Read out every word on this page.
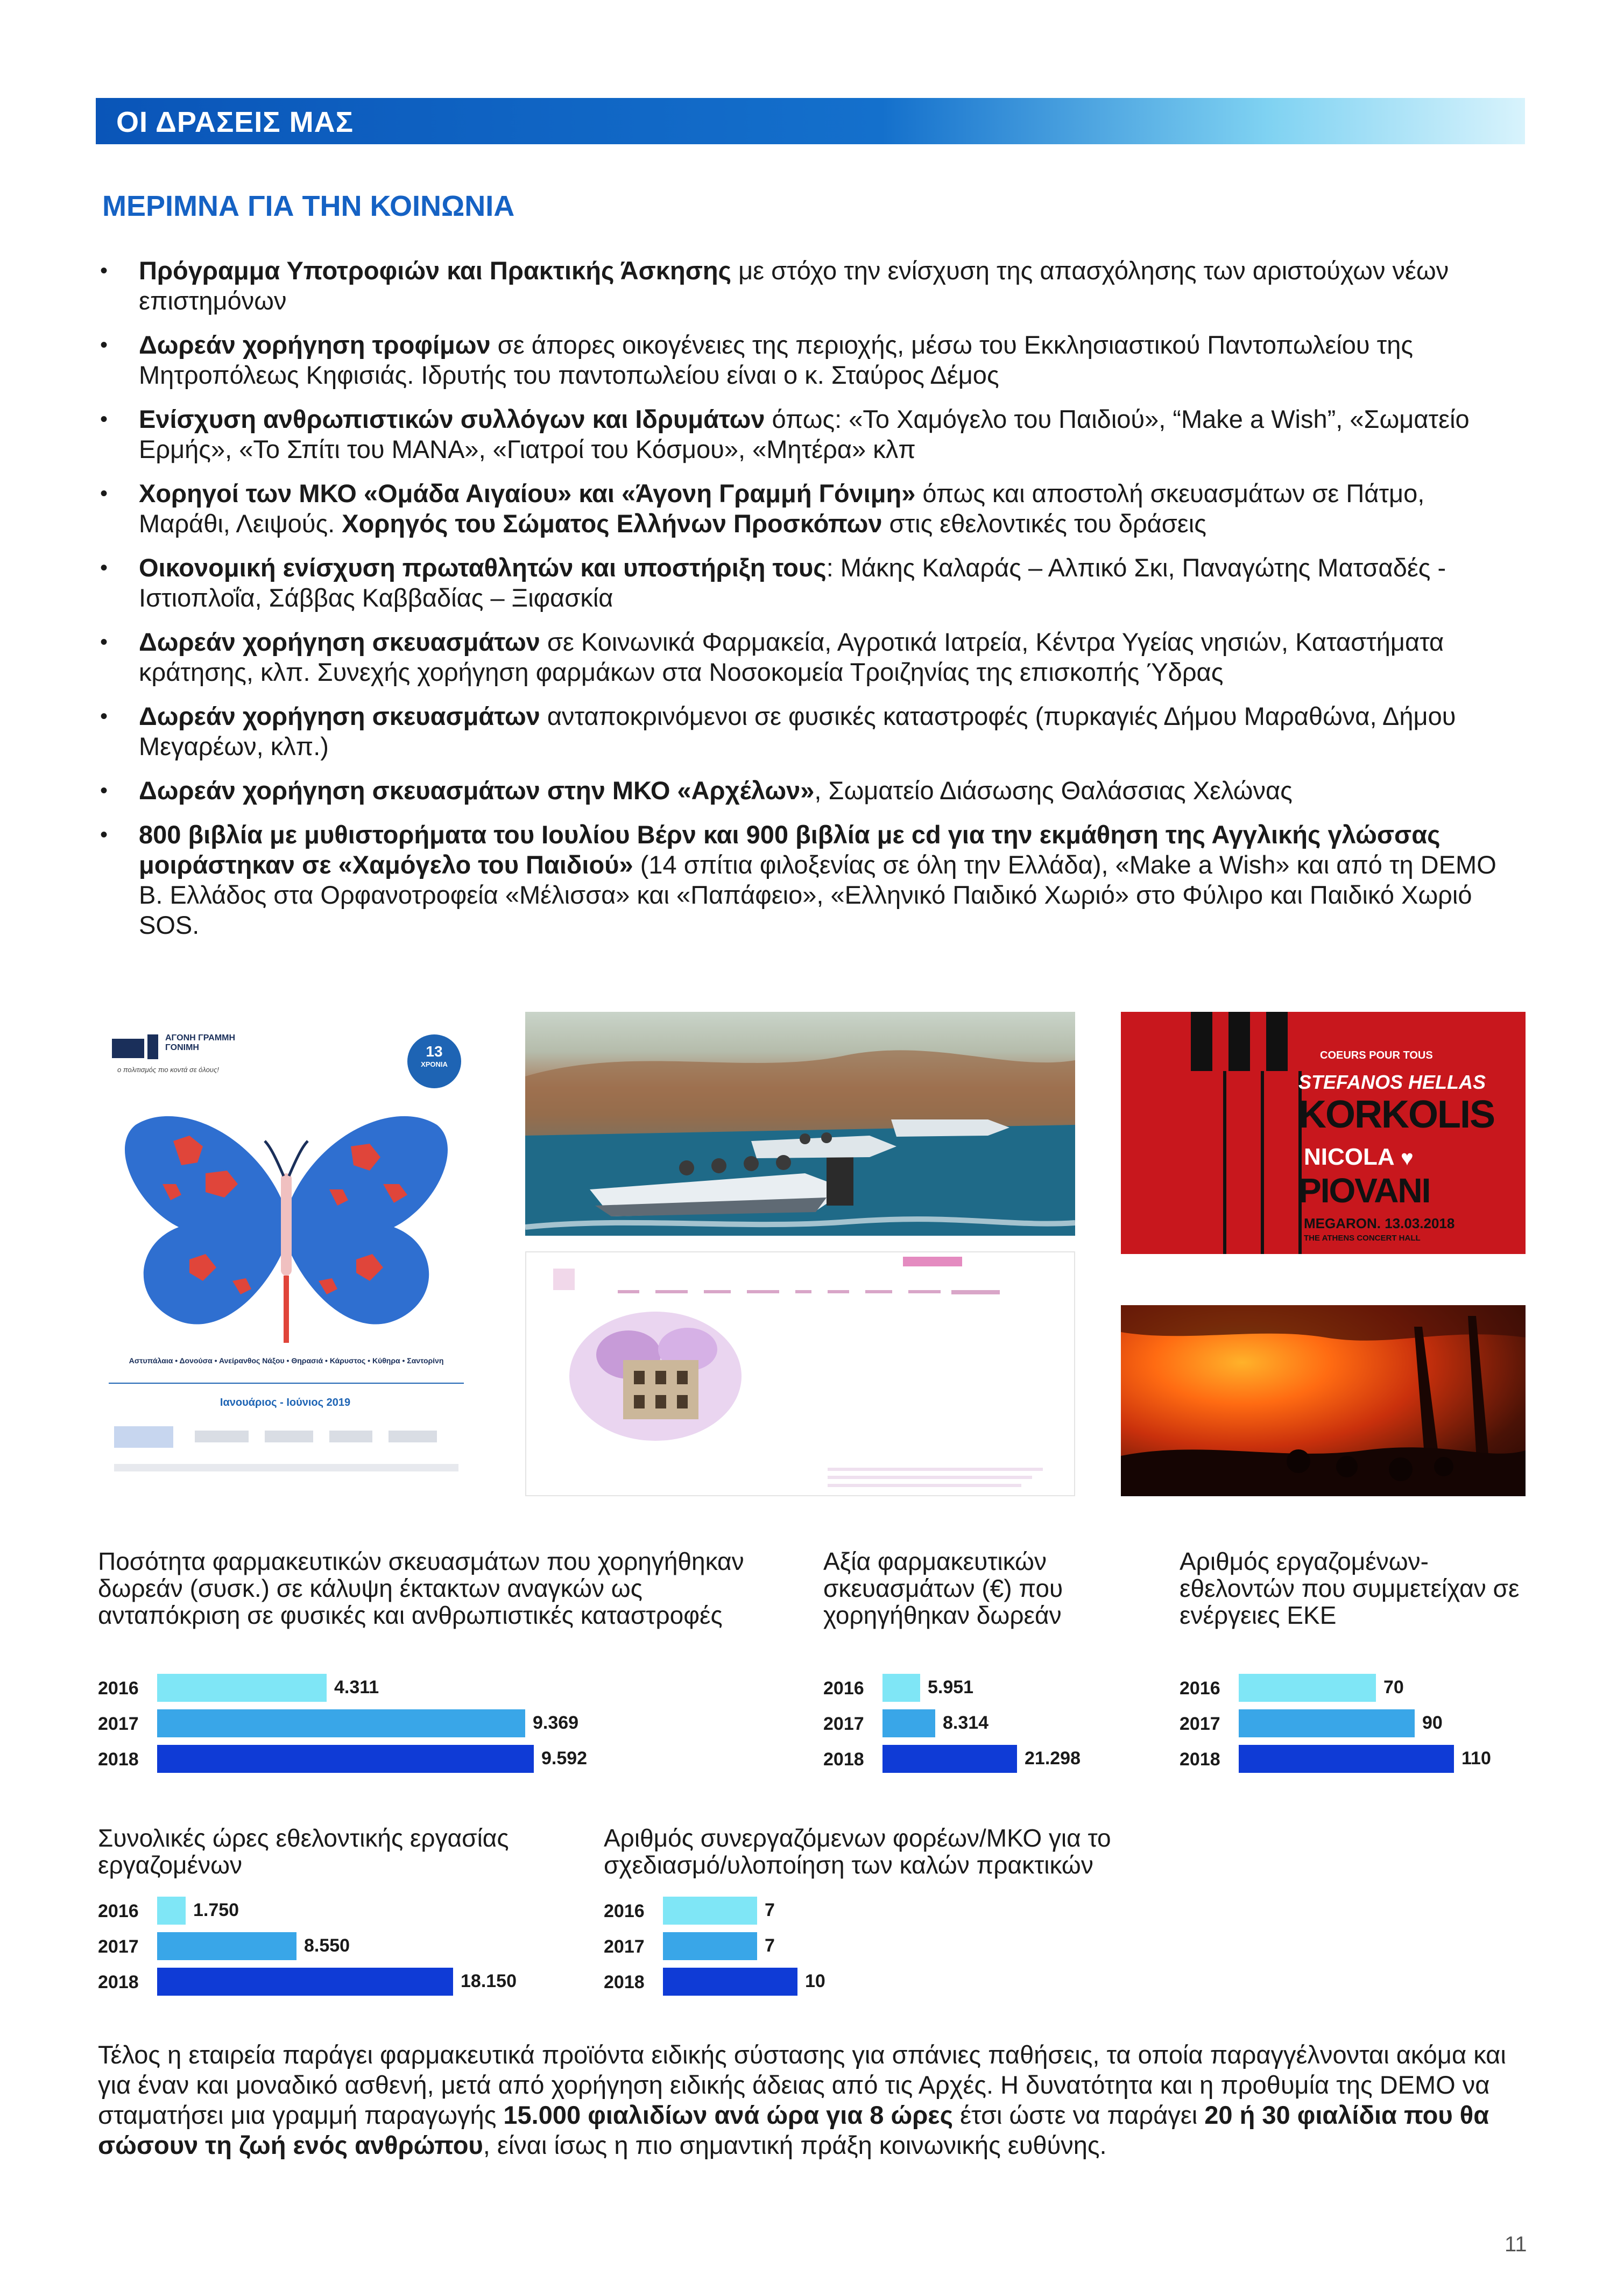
ΟΙ ΔΡΑΣΕΙΣ ΜΑΣ
ΜΕΡΙΜΝΑ ΓΙΑ ΤΗΝ ΚΟΙΝΩΝΙΑ
• Πρόγραμμα Υποτροφιών και Πρακτικής Άσκησης με στόχο την ενίσχυση της απασχόλησης των αριστούχων νέων επιστημόνων
• Δωρεάν χορήγηση τροφίμων σε άπορες οικογένειες της περιοχής, μέσω του Εκκλησιαστικού Παντοπωλείου της Μητροπόλεως Κηφισιάς. Ιδρυτής του παντοπωλείου είναι ο κ. Σταύρος Δέμος
• Ενίσχυση ανθρωπιστικών συλλόγων και Ιδρυμάτων όπως: «Το Χαμόγελο του Παιδιού», “Make a Wish”, «Σωματείο Ερμής», «Το Σπίτι του ΜΑΝΑ», «Γιατροί του Κόσμου», «Μητέρα» κλπ
• Χορηγοί των ΜΚΟ «Ομάδα Αιγαίου» και «Άγονη Γραμμή Γόνιμη» όπως και αποστολή σκευασμάτων σε Πάτμο, Μαράθι, Λειψούς. Χορηγός του Σώματος Ελλήνων Προσκόπων στις εθελοντικές του δράσεις
• Οικονομική ενίσχυση πρωταθλητών και υποστήριξη τους: Μάκης Καλαράς – Αλπικό Σκι, Παναγώτης Ματσαδές - Ιστιοπλοΐα, Σάββας Καββαδίας – Ξιφασκία
• Δωρεάν χορήγηση σκευασμάτων σε Κοινωνικά Φαρμακεία, Αγροτικά Ιατρεία, Κέντρα Υγείας νησιών, Καταστήματα κράτησης, κλπ. Συνεχής χορήγηση φαρμάκων στα Νοσοκομεία Τροιζηνίας της επισκοπής Ύδρας
• Δωρεάν χορήγηση σκευασμάτων ανταποκρινόμενοι σε φυσικές καταστροφές (πυρκαγιές Δήμου Μαραθώνα, Δήμου Μεγαρέων, κλπ.)
• Δωρεάν χορήγηση σκευασμάτων στην ΜΚΟ «Αρχέλων», Σωματείο Διάσωσης Θαλάσσιας Χελώνας
• 800 βιβλία με μυθιστορήματα του Ιουλίου Βέρν και 900 βιβλία με cd για την εκμάθηση της Αγγλικής γλώσσας μοιράστηκαν σε «Χαμόγελο του Παιδιού» (14 σπίτια φιλοξενίας σε όλη την Ελλάδα), «Make a Wish» και από τη DEMO Β. Ελλάδος στα Ορφανοτροφεία «Μέλισσα» και «Παπάφειο», «Ελληνικό Παιδικό Χωριό» στο Φύλιρο και Παιδικό Χωριό SOS.
ΑΓΟΝΗ ΓΡΑΜΜΗ
ΓΟΝΙΜΗ
ο πολιτισμός πιο κοντά σε όλους!
13
ΧΡΟΝΙΑ
Αστυπάλαια • Δονούσα • Ανείρανθος Νάξου • Θηρασιά • Κάρυστος • Κύθηρα • Σαντορίνη
Ιανουάριος - Ιούνιος 2019
COEURS POUR TOUS
STEFANOS HELLAS
KORKOLIS
NICOLA ♥
PIOVANI
MEGARON. 13.03.2018
THE ATHENS CONCERT HALL
Ποσότητα φαρμακευτικών σκευασμάτων που χορηγήθηκαν δωρεάν (συσκ.) σε κάλυψη έκτακτων αναγκών ως ανταπόκριση σε φυσικές και ανθρωπιστικές καταστροφές
2016	4.311
2017	9.369
2018	9.592
Αξία φαρμακευτικών σκευασμάτων (€) που χορηγήθηκαν δωρεάν
2016	5.951
2017	8.314
2018	21.298
Αριθμός εργαζομένων-εθελοντών που συμμετείχαν σε ενέργειες ΕΚΕ
2016	70
2017	90
2018	110
Συνολικές ώρες εθελοντικής εργασίας εργαζομένων
2016	1.750
2017	8.550
2018	18.150
Αριθμός συνεργαζόμενων φορέων/ΜΚΟ για το σχεδιασμό/υλοποίηση των καλών πρακτικών
2016	7
2017	7
2018	10
Τέλος η εταιρεία παράγει φαρμακευτικά προϊόντα ειδικής σύστασης για σπάνιες παθήσεις, τα οποία παραγγέλνονται ακόμα και για έναν και μοναδικό ασθενή, μετά από χορήγηση ειδικής άδειας από τις Αρχές. Η δυνατότητα και η προθυμία της DEMO να σταματήσει μια γραμμή παραγωγής 15.000 φιαλιδίων ανά ώρα για 8 ώρες έτσι ώστε να παράγει 20 ή 30 φιαλίδια που θα σώσουν τη ζωή ενός ανθρώπου, είναι ίσως η πιο σημαντική πράξη κοινωνικής ευθύνης.
11
